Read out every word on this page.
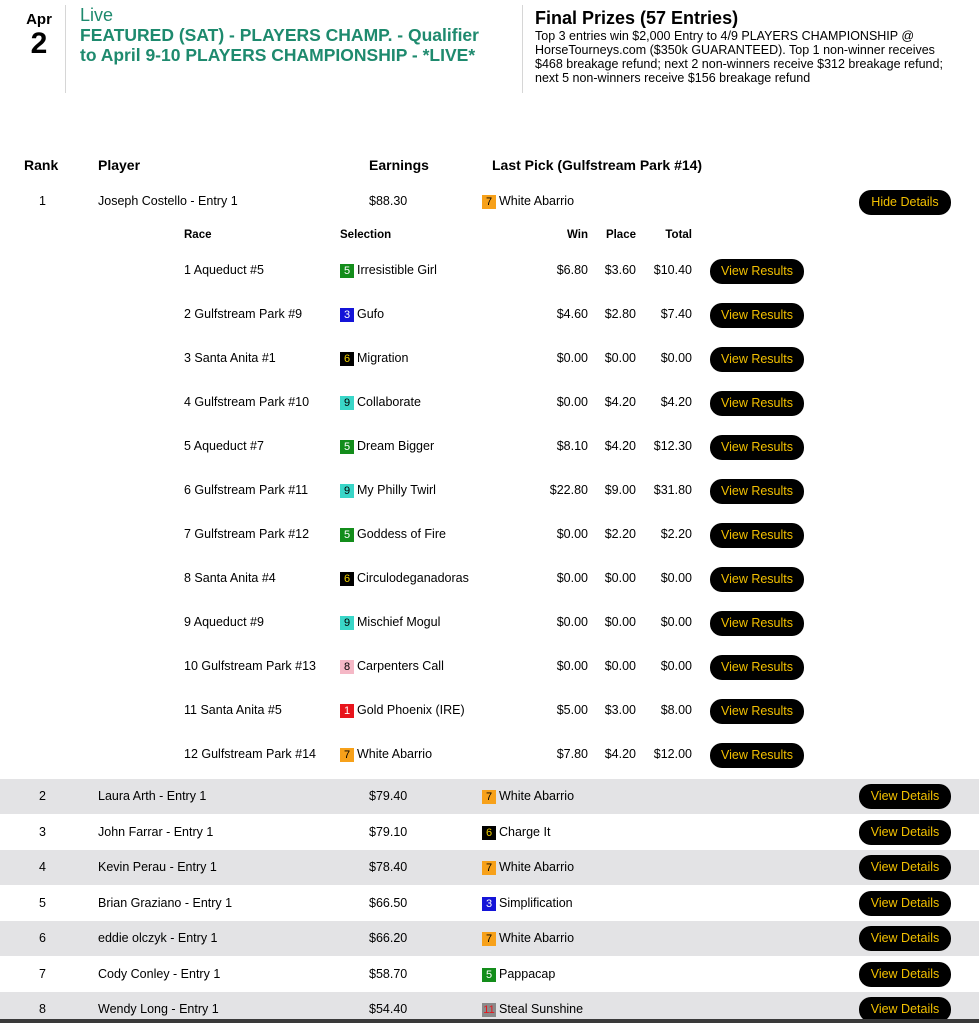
Apr
2
Live
FEATURED (SAT) - PLAYERS CHAMP. - Qualifier to April 9-10 PLAYERS CHAMPIONSHIP - *LIVE*
Final Prizes (57 Entries)
Top 3 entries win $2,000 Entry to 4/9 PLAYERS CHAMPIONSHIP @ HorseTourneys.com ($350k GUARANTEED). Top 1 non-winner receives $468 breakage refund; next 2 non-winners receive $312 breakage refund; next 5 non-winners receive $156 breakage refund
Rank	Player	Earnings	Last Pick (Gulfstream Park #14)
1	Joseph Costello - Entry 1	$88.30	7 White Abarrio	Hide Details
Race	Selection	Win	Place	Total
1 Aqueduct #5	5 Irresistible Girl	$6.80	$3.60	$10.40	View Results
2 Gulfstream Park #9	3 Gufo	$4.60	$2.80	$7.40	View Results
3 Santa Anita #1	6 Migration	$0.00	$0.00	$0.00	View Results
4 Gulfstream Park #10	9 Collaborate	$0.00	$4.20	$4.20	View Results
5 Aqueduct #7	5 Dream Bigger	$8.10	$4.20	$12.30	View Results
6 Gulfstream Park #11	9 My Philly Twirl	$22.80	$9.00	$31.80	View Results
7 Gulfstream Park #12	5 Goddess of Fire	$0.00	$2.20	$2.20	View Results
8 Santa Anita #4	6 Circulodeganadoras	$0.00	$0.00	$0.00	View Results
9 Aqueduct #9	9 Mischief Mogul	$0.00	$0.00	$0.00	View Results
10 Gulfstream Park #13	8 Carpenters Call	$0.00	$0.00	$0.00	View Results
11 Santa Anita #5	1 Gold Phoenix (IRE)	$5.00	$3.00	$8.00	View Results
12 Gulfstream Park #14	7 White Abarrio	$7.80	$4.20	$12.00	View Results
2	Laura Arth - Entry 1	$79.40	7 White Abarrio	View Details
3	John Farrar - Entry 1	$79.10	6 Charge It	View Details
4	Kevin Perau - Entry 1	$78.40	7 White Abarrio	View Details
5	Brian Graziano - Entry 1	$66.50	3 Simplification	View Details
6	eddie olczyk - Entry 1	$66.20	7 White Abarrio	View Details
7	Cody Conley - Entry 1	$58.70	5 Pappacap	View Details
8	Wendy Long - Entry 1	$54.40	11 Steal Sunshine	View Details
